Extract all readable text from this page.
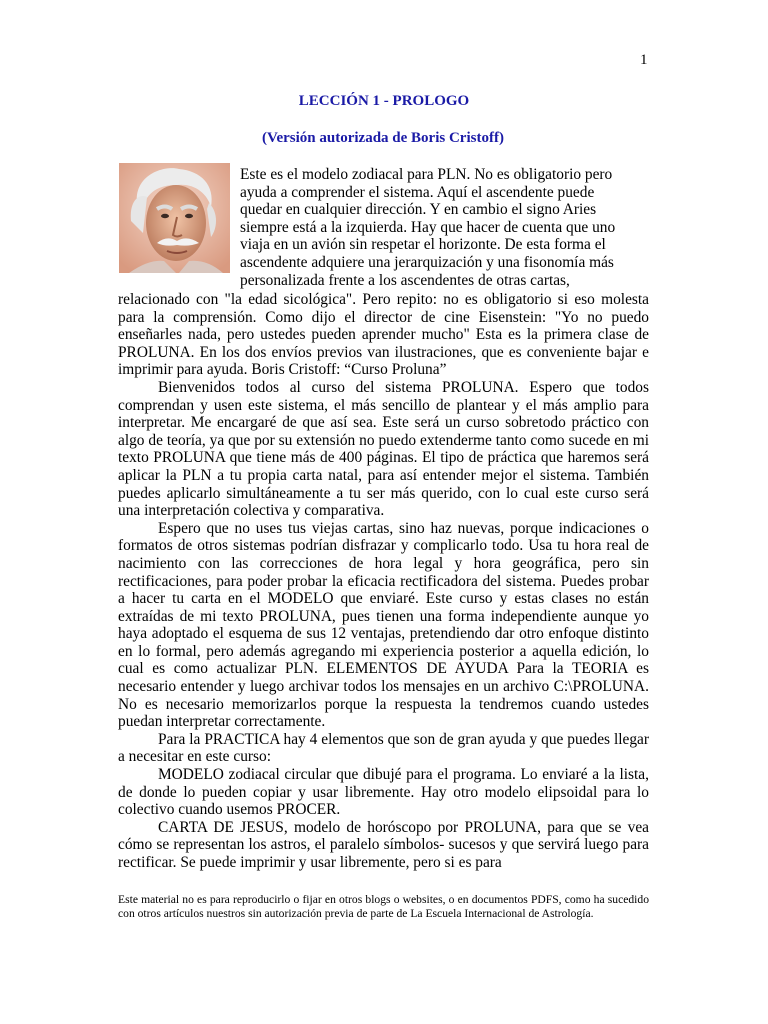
1
LECCIÓN 1 - PROLOGO
(Versión autorizada de Boris Cristoff)

Este es el modelo zodiacal para PLN. No es obligatorio pero

ayuda a comprender el sistema. Aquí el ascendente puede

quedar en cualquier dirección. Y en cambio el signo Aries

siempre está a la izquierda. Hay que hacer de cuenta que uno

viaja en un avión sin respetar el horizonte. De esta forma el

ascendente adquiere una jerarquización y una fisonomía más

personalizada frente a los ascendentes de otras cartas,

relacionado con "la edad sicológica". Pero repito: no es obligatorio si eso molesta para la comprensión. Como dijo el director de cine Eisenstein: "Yo no puedo enseñarles nada, pero ustedes pueden aprender mucho" Esta es la primera clase de PROLUNA. En los dos envíos previos van ilustraciones, que es conveniente bajar e imprimir para ayuda. Boris Cristoff: “Curso Proluna”

Bienvenidos todos al curso del sistema PROLUNA. Espero que todos comprendan y usen este sistema, el más sencillo de plantear y el más amplio para interpretar. Me encargaré de que así sea. Este será un curso sobretodo práctico con algo de teoría, ya que por su extensión no puedo extenderme tanto como sucede en mi texto PROLUNA que tiene más de 400 páginas. El tipo de práctica que haremos será aplicar la PLN a tu propia carta natal, para así entender mejor el sistema. También puedes aplicarlo simultáneamente a tu ser más querido, con lo cual este curso será una interpretación colectiva y comparativa.

Espero que no uses tus viejas cartas, sino haz nuevas, porque indicaciones o formatos de otros sistemas podrían disfrazar y complicarlo todo. Usa tu hora real de nacimiento con las correcciones de hora legal y hora geográfica, pero sin rectificaciones, para poder probar la eficacia rectificadora del sistema. Puedes probar a hacer tu carta en el MODELO que enviaré. Este curso y estas clases no están extraídas de mi texto PROLUNA, pues tienen una forma independiente aunque yo haya adoptado el esquema de sus 12 ventajas, pretendiendo dar otro enfoque distinto en lo formal, pero además agregando mi experiencia posterior a aquella edición, lo cual es como actualizar PLN. ELEMENTOS DE AYUDA Para la TEORIA es necesario entender y luego archivar todos los mensajes en un archivo C:\PROLUNA. No es necesario memorizarlos porque la respuesta la tendremos cuando ustedes puedan interpretar correctamente.

Para la PRACTICA hay 4 elementos que son de gran ayuda y que puedes llegar a necesitar en este curso:

MODELO zodiacal circular que dibujé para el programa. Lo enviaré a la lista, de donde lo pueden copiar y usar libremente. Hay otro modelo elipsoidal para lo colectivo cuando usemos PROCER.

CARTA DE JESUS, modelo de horóscopo por PROLUNA, para que se vea cómo se representan los astros, el paralelo símbolos- sucesos y que servirá luego para rectificar. Se puede imprimir y usar libremente, pero si es para

Este material no es para reproducirlo o fijar en otros blogs o websites, o en documentos PDFS, como ha sucedido con otros artículos nuestros sin autorización previa de parte de La Escuela Internacional de Astrología.
